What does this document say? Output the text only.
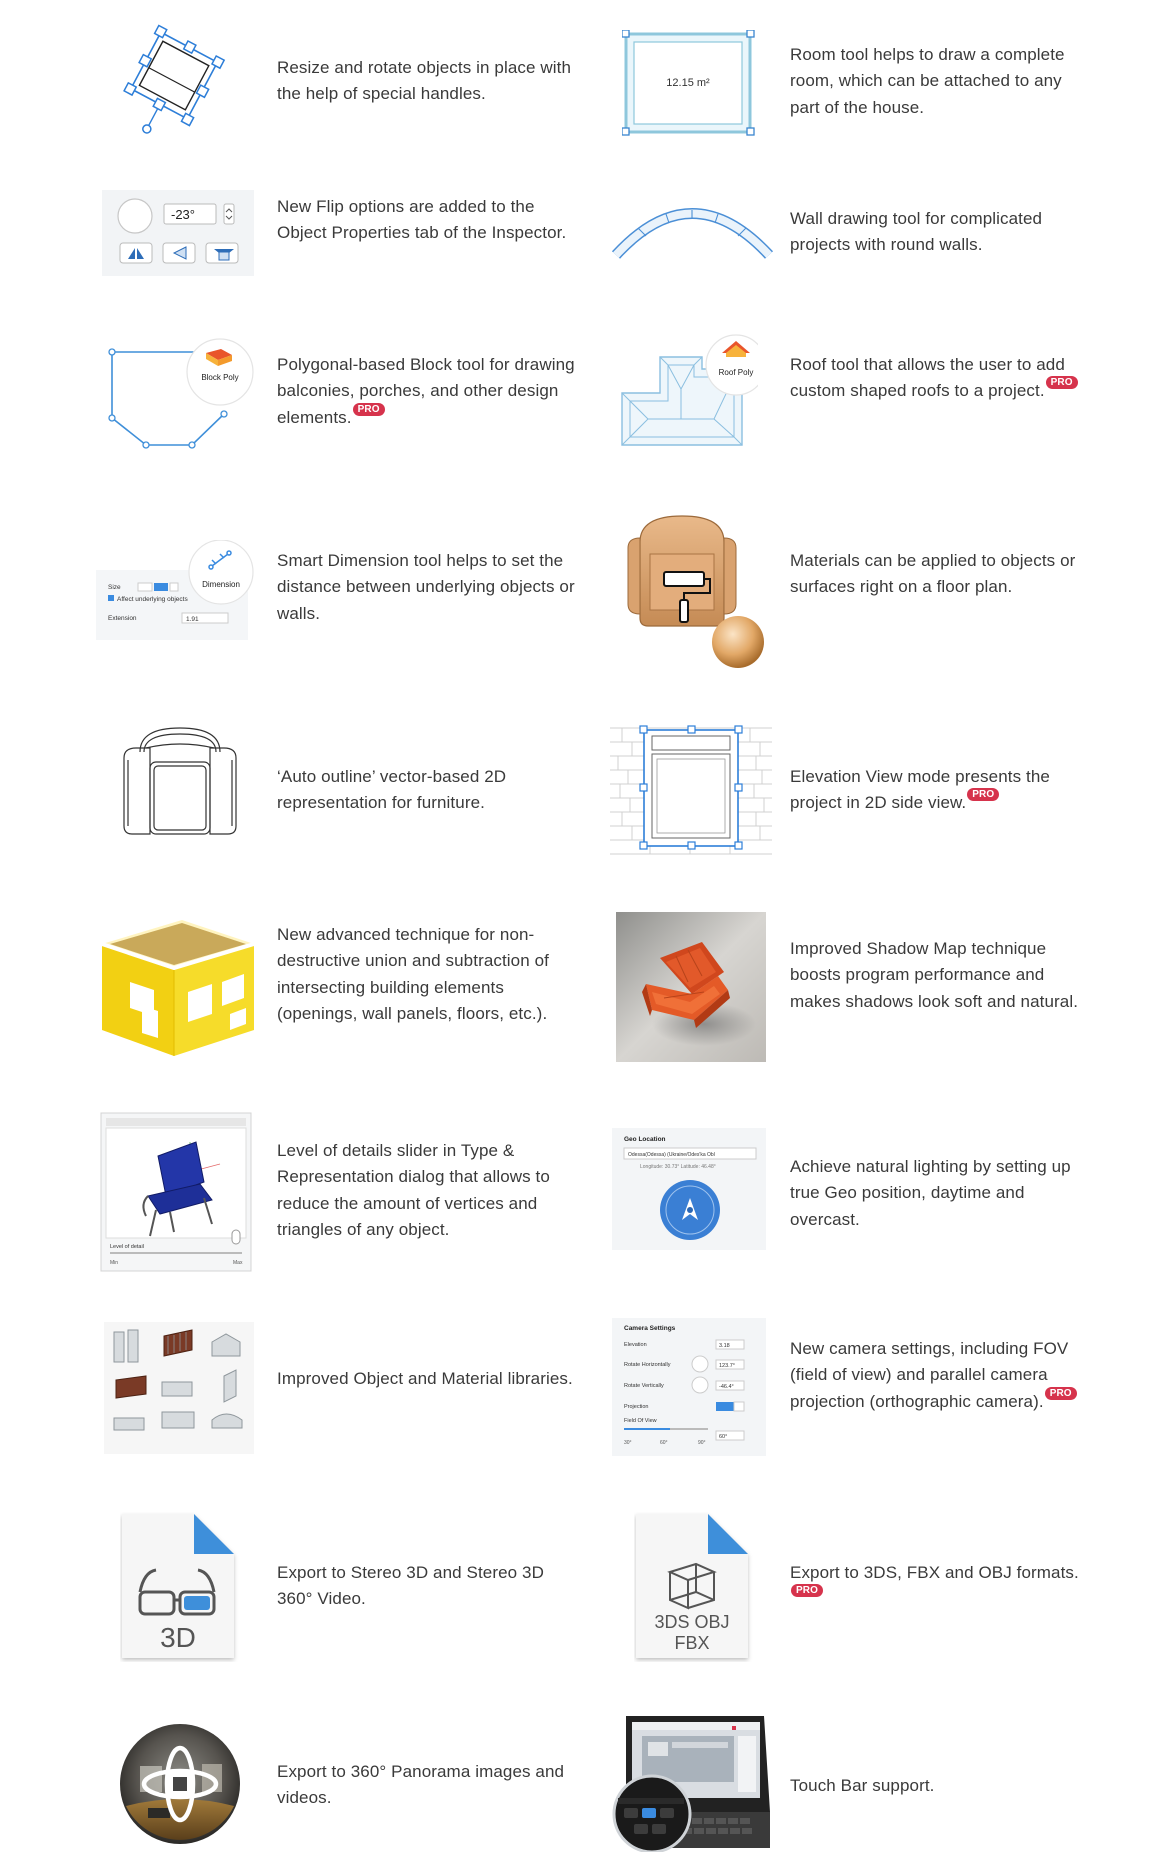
Resize and rotate objects in place with the help of special handles.
12.15 m²
Room tool helps to draw a complete room, which can be attached to any part of the house.
-23°	New Flip options are added to the Object Properties tab of the Inspector.
Wall drawing tool for complicated projects with round walls.
Block Poly
Polygonal-based Block tool for drawing balconies, porches, and other design elements. PRO
Roof Poly Roof tool that allows the user to add custom shaped roofs to a project. PRO
Size
Affect underlying objects
Extension	1.91
Dimension
Smart Dimension tool helps to set the distance between underlying objects or walls.
Materials can be applied to objects or surfaces right on a floor plan.
‘Auto outline’ vector-based 2D representation for furniture.
Elevation View mode presents the project in 2D side view. PRO
New advanced technique for non-destructive union and subtraction of intersecting building elements (openings, wall panels, floors, etc.).
Improved Shadow Map technique boosts program performance and makes shadows look soft and natural.
Level of detail
Min	Max
Level of details slider in Type & Representation dialog that allows to reduce the amount of vertices and triangles of any object.
Geo Location
Odessa(Odessa) (Ukraine/Odes'ka Obl
Longitude: 30.73° Latitude: 46.48°	Achieve natural lighting by setting up true Geo position, daytime and overcast.
Improved Object and Material libraries.
Camera Settings
Elevation
Rotate Horizontally
Rotate Vertically
Projection
Field Of View
3.18
123.7°
-46.4°
60°
30°	60°	90°
New camera settings, including FOV (field of view) and parallel camera projection (orthographic camera). PRO
3D
Export to Stereo 3D and Stereo 3D 360° Video.
3DS OBJ
FBX
Export to 3DS, FBX and OBJ formats.PRO
Export to 360° Panorama images and videos.
Touch Bar support.
